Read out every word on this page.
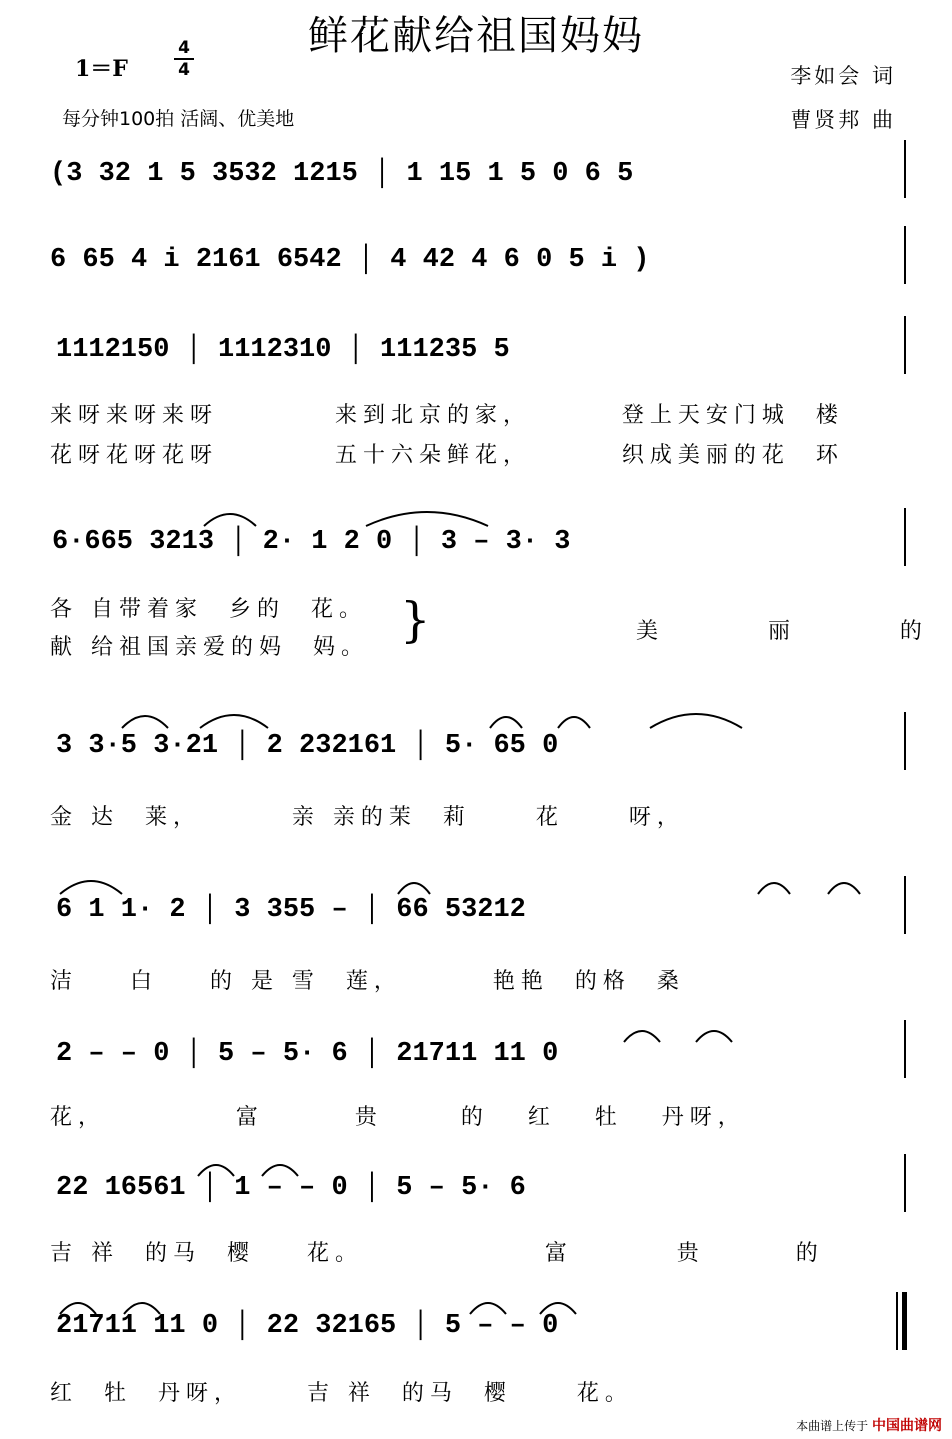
鲜花献给祖国妈妈
1＝F
4
4
每分钟100拍 活阔、优美地
李如会 词
曹贤邦 曲
(3 32 1 5 3532 1215 │ 1 15 1 5 0 6 5
6 65 4 i 2161 6542 │ 4 42 4 6 0 5 i )
1112150 │ 1112310 │ 111235 5
来呀来呀来呀         来到北京的家，       登上天安门城  楼
花呀花呀花呀         五十六朵鲜花，       织成美丽的花  环
6·665 3213 │ 2· 1 2 0 │ 3 – 3· 3
各 自带着家  乡的  花。
献 给祖国亲爱的妈  妈。 }	美        丽        的
3 3·5 3·21 │ 2 232161 │ 5· 65 0
金 达  莱，       亲 亲的茉  莉     花     呀，
6 1 1· 2 │ 3 355 – │ 66 53212
洁    白    的 是 雪  莲，       艳艳  的格  桑
2 – – 0 │ 5 – 5· 6 │ 21711 11 0
花，          富       贵      的   红   牡   丹呀，
22 16561 │ 1 – – 0 │ 5 – 5· 6
吉 祥  的马  樱    花。              富        贵       的
21711 11 0 │ 22 32165 │ 5 – – 0
红  牡  丹呀，     吉 祥  的马  樱     花。
本曲谱上传于 中国曲谱网
